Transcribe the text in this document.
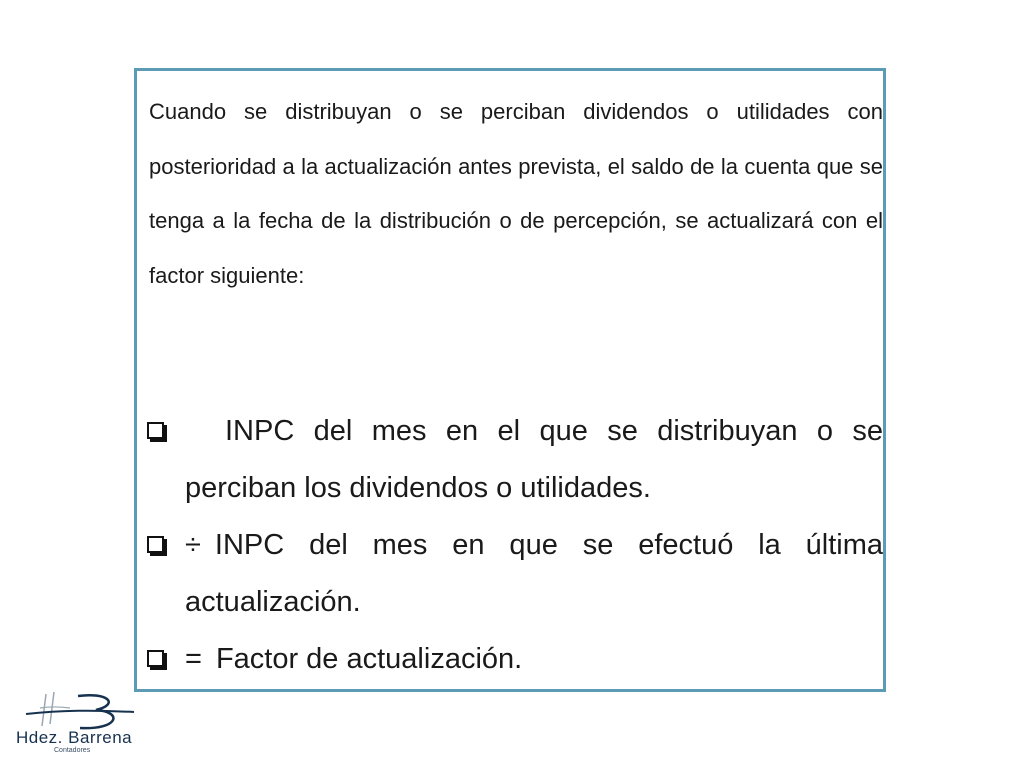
Cuando se distribuyan o se perciban dividendos o utilidades con posterioridad a la actualización antes prevista, el saldo de la cuenta que se tenga a la fecha de la distribución o de percepción, se actualizará con el factor siguiente:

INPC del mes en el que se distribuyan o se perciban los dividendos o utilidades.
÷ INPC del mes en que se efectuó la última actualización.
= Factor de actualización.
Hdez. Barrena
Contadores
